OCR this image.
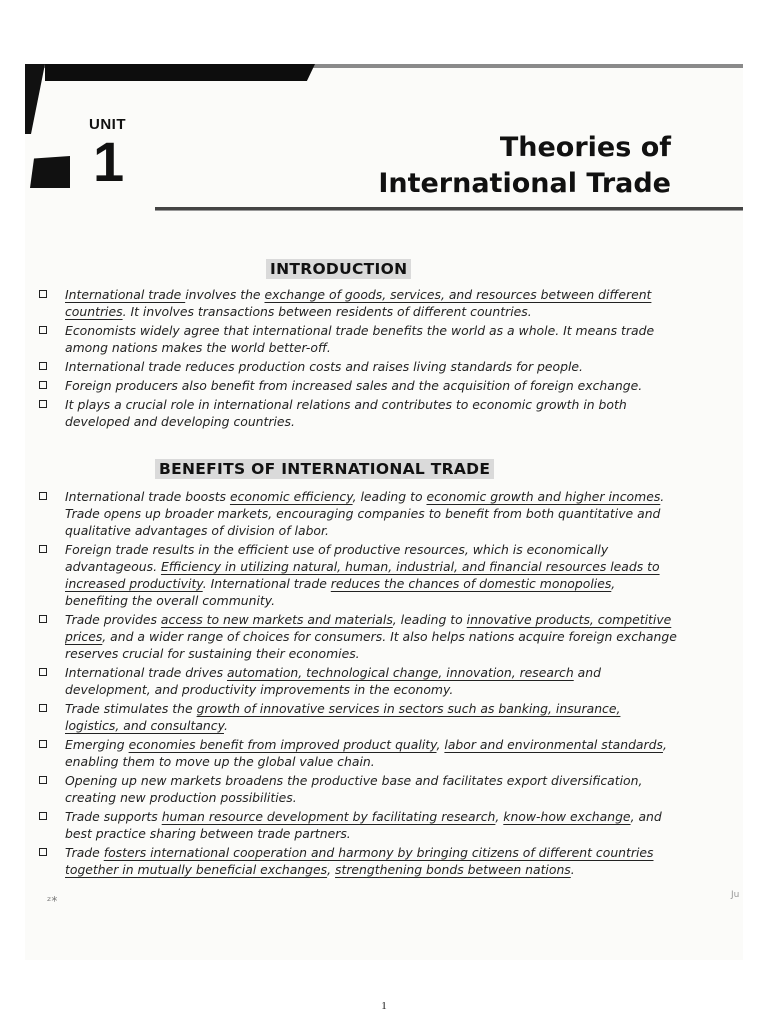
UNIT
1	Theories of
International Trade
INTRODUCTION
International trade involves the exchange of goods, services, and resources between different countries. It involves transactions between residents of different countries.
Economists widely agree that international trade benefits the world as a whole. It means trade among nations makes the world better-off.
International trade reduces production costs and raises living standards for people.
Foreign producers also benefit from increased sales and the acquisition of foreign exchange.
It plays a crucial role in international relations and contributes to economic growth in both developed and developing countries.
BENEFITS OF INTERNATIONAL TRADE
International trade boosts economic efficiency, leading to economic growth and higher incomes. Trade opens up broader markets, encouraging companies to benefit from both quantitative and qualitative advantages of division of labor.
Foreign trade results in the efficient use of productive resources, which is economically advantageous. Efficiency in utilizing natural, human, industrial, and financial resources leads to increased productivity. International trade reduces the chances of domestic monopolies, benefiting the overall community.
Trade provides access to new markets and materials, leading to innovative products, competitive prices, and a wider range of choices for consumers. It also helps nations acquire foreign exchange reserves crucial for sustaining their economies.
International trade drives automation, technological change, innovation, research and development, and productivity improvements in the economy.
Trade stimulates the growth of innovative services in sectors such as banking, insurance, logistics, and consultancy.
Emerging economies benefit from improved product quality, labor and environmental standards, enabling them to move up the global value chain.
Opening up new markets broadens the productive base and facilitates export diversification, creating new production possibilities.
Trade supports human resource development by facilitating research, know-how exchange, and best practice sharing between trade partners.
Trade fosters international cooperation and harmony by bringing citizens of different countries together in mutually beneficial exchanges, strengthening bonds between nations.
ᶻ*	Ju
1
